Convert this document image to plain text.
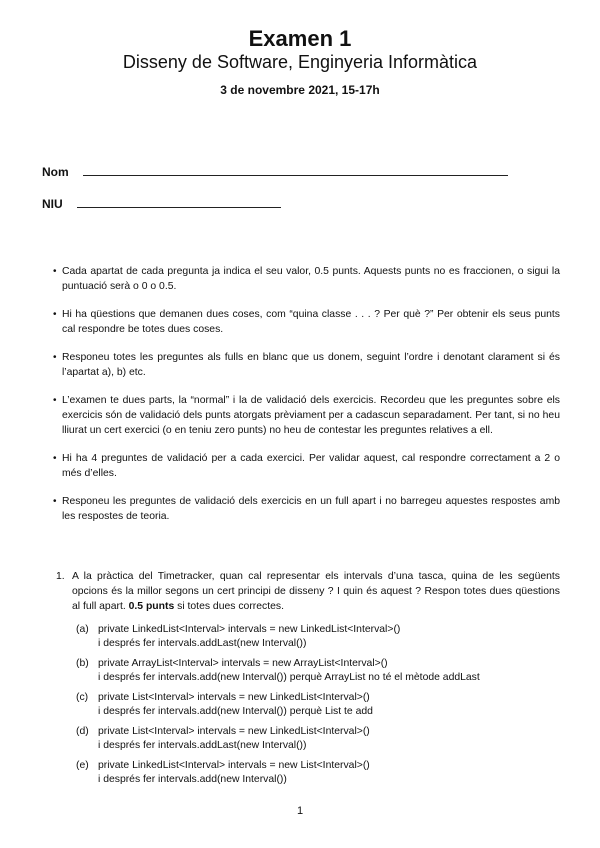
Examen 1
Disseny de Software, Enginyeria Informàtica
3 de novembre 2021, 15-17h
Nom
NIU
• Cada apartat de cada pregunta ja indica el seu valor, 0.5 punts. Aquests punts no es fraccionen, o sigui la puntuació serà o 0 o 0.5.
• Hi ha qüestions que demanen dues coses, com “quina classe . . . ? Per què ?” Per obtenir els seus punts cal respondre be totes dues coses.
• Responeu totes les preguntes als fulls en blanc que us donem, seguint l’ordre i denotant clarament si és l’apartat a), b) etc.
• L’examen te dues parts, la “normal” i la de validació dels exercicis. Recordeu que les preguntes sobre els exercicis són de validació dels punts atorgats prèviament per a cadascun separadament. Per tant, si no heu lliurat un cert exercici (o en teniu zero punts) no heu de contestar les preguntes relatives a ell.
• Hi ha 4 preguntes de validació per a cada exercici. Per validar aquest, cal respondre correctament a 2 o més d’elles.
• Responeu les preguntes de validació dels exercicis en un full apart i no barregeu aquestes respostes amb les respostes de teoria.
1. A la pràctica del Timetracker, quan cal representar els intervals d’una tasca, quina de les següents opcions és la millor segons un cert principi de disseny ? I quin és aquest ? Respon totes dues qüestions al full apart. 0.5 punts si totes dues correctes.
(a) private LinkedList<Interval> intervals = new LinkedList<Interval>()
i després fer intervals.addLast(new Interval())
(b) private ArrayList<Interval> intervals = new ArrayList<Interval>()
i després fer intervals.add(new Interval()) perquè ArrayList no té el mètode addLast
(c) private List<Interval> intervals = new LinkedList<Interval>()
i després fer intervals.add(new Interval()) perquè List te add
(d) private List<Interval> intervals = new LinkedList<Interval>()
i després fer intervals.addLast(new Interval())
(e) private LinkedList<Interval> intervals = new List<Interval>()
i després fer intervals.add(new Interval())
1
